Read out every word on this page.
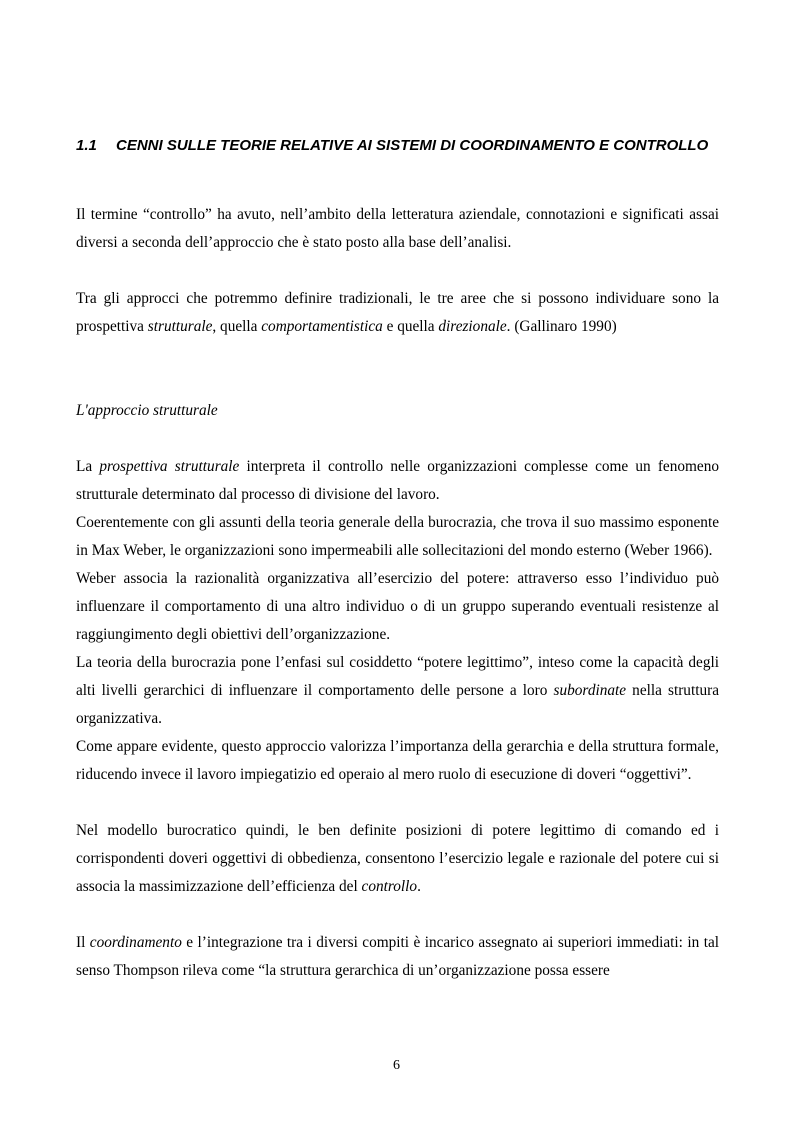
1.1 CENNI SULLE TEORIE RELATIVE AI SISTEMI DI COORDINAMENTO E CONTROLLO

Il termine “controllo” ha avuto, nell’ambito della letteratura aziendale, connotazioni e significati assai diversi a seconda dell’approccio che è stato posto alla base dell’analisi.

Tra gli approcci che potremmo definire tradizionali, le tre aree che si possono individuare sono la prospettiva strutturale, quella comportamentistica e quella direzionale. (Gallinaro 1990)

L'approccio strutturale

La prospettiva strutturale interpreta il controllo nelle organizzazioni complesse come un fenomeno strutturale determinato dal processo di divisione del lavoro.

Coerentemente con gli assunti della teoria generale della burocrazia, che trova il suo massimo esponente in Max Weber, le organizzazioni sono impermeabili alle sollecitazioni del mondo esterno (Weber 1966).

Weber associa la razionalità organizzativa all’esercizio del potere: attraverso esso l’individuo può influenzare il comportamento di una altro individuo o di un gruppo superando eventuali resistenze al raggiungimento degli obiettivi dell’organizzazione.

La teoria della burocrazia pone l’enfasi sul cosiddetto “potere legittimo”, inteso come la capacità degli alti livelli gerarchici di influenzare il comportamento delle persone a loro subordinate nella struttura organizzativa.

Come appare evidente, questo approccio valorizza l’importanza della gerarchia e della struttura formale, riducendo invece il lavoro impiegatizio ed operaio al mero ruolo di esecuzione di doveri “oggettivi”.

Nel modello burocratico quindi, le ben definite posizioni di potere legittimo di comando ed i corrispondenti doveri oggettivi di obbedienza, consentono l’esercizio legale e razionale del potere cui si associa la massimizzazione dell’efficienza del controllo.

Il coordinamento e l’integrazione tra i diversi compiti è incarico assegnato ai superiori immediati: in tal senso Thompson rileva come “la struttura gerarchica di un’organizzazione possa essere

6
